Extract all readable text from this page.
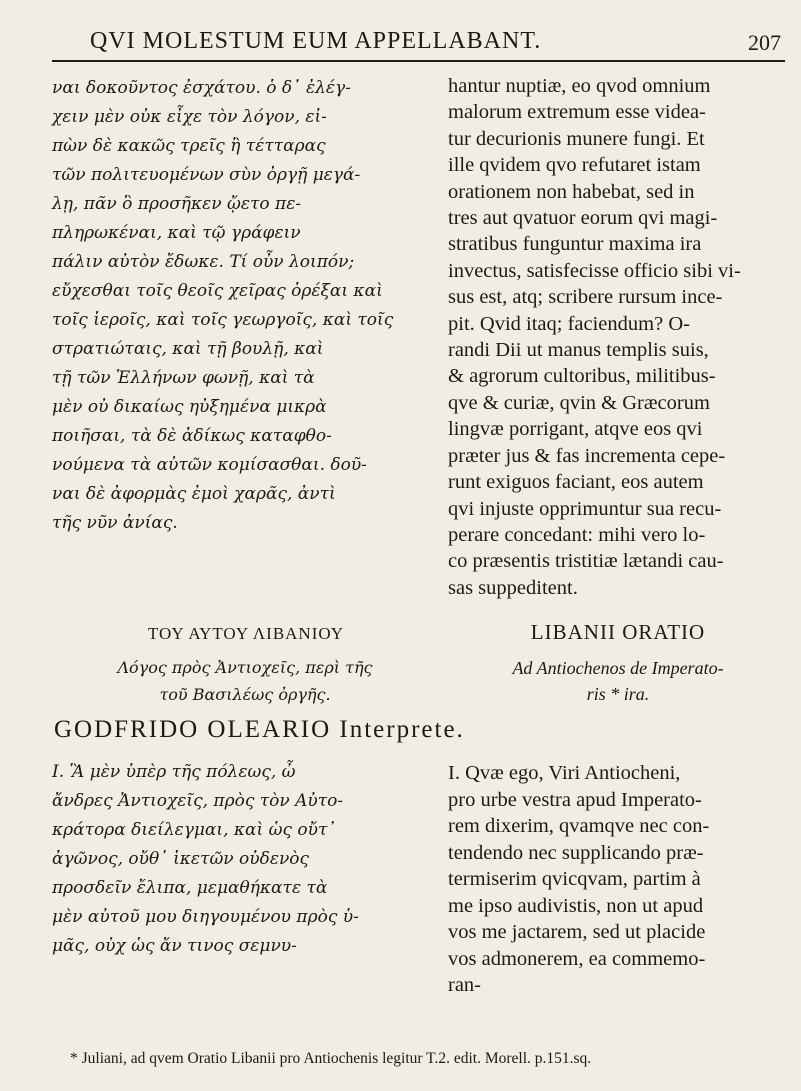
QVI MOLESTUM EUM APPELLABANT.	207
ναι δοκοῦντος ἐσχάτου. ὁ δ᾽ ἐλέγ-
χειν μὲν οὐκ εἶχε τὸν λόγον, εἰ-
πὼν δὲ κακῶς τρεῖς ἢ τέτταρας
τῶν πολιτευομένων σὺν ὀργῇ μεγά-
λῃ, πᾶν ὃ προσῆκεν ᾤετο πε-
πληρωκέναι, καὶ τῷ γράφειν
πάλιν αὐτὸν ἔδωκε. Τί οὖν λοιπόν;
εὔχεσθαι τοῖς θεοῖς χεῖρας ὀρέξαι καὶ
τοῖς ἱεροῖς, καὶ τοῖς γεωργοῖς, καὶ τοῖς
στρατιώταις, καὶ τῇ βουλῇ, καὶ
τῇ τῶν Ἑλλήνων φωνῇ, καὶ τὰ
μὲν οὐ δικαίως ηὐξημένα μικρὰ
ποιῆσαι, τὰ δὲ ἀδίκως καταφθο-
νούμενα τὰ αὐτῶν κομίσασθαι. δοῦ-
ναι δὲ ἀφορμὰς ἐμοὶ χαρᾶς, ἀντὶ
τῆς νῦν ἀνίας.
hantur nuptiæ, eo qvod omnium
malorum extremum esse videa-
tur decurionis munere fungi. Et
ille qvidem qvo refutaret istam
orationem non habebat, sed in
tres aut qvatuor eorum qvi magi-
stratibus funguntur maxima ira
invectus, satisfecisse officio sibi vi-
sus est, atq; scribere rursum ince-
pit. Qvid itaq; faciendum? O-
randi Dii ut manus templis suis,
& agrorum cultoribus, militibus-
qve & curiæ, qvin & Græcorum
lingvæ porrigant, atqve eos qvi
præter jus & fas incrementa cepe-
runt exiguos faciant, eos autem
qvi injuste opprimuntur sua recu-
perare concedant: mihi vero lo-
co præsentis tristitiæ lætandi cau-
sas suppeditent.
ΤΟΥ ΑΥΤΟΥ ΛΙΒΑΝΙΟΥ
Λόγος πρὸς Ἀντιοχεῖς, περὶ τῆς
τοῦ Βασιλέως ὀργῆς.
LIBANII ORATIO
Ad Antiochenos de Imperato-
ris * ira.
GODFRIDO OLEARIO Interprete.
I. Ἃ μὲν ὑπὲρ τῆς πόλεως, ὦ
ἄνδρες Ἀντιοχεῖς, πρὸς τὸν Αὐτο-
κράτορα διείλεγμαι, καὶ ὡς οὔτ᾽
ἀγῶνος, οὔθ᾽ ἱκετῶν οὐδενὸς
προσδεῖν ἔλιπα, μεμαθήκατε τὰ
μὲν αὐτοῦ μου διηγουμένου πρὸς ὑ-
μᾶς, οὐχ ὡς ἄν τινος σεμνυ-
I. Qvæ ego, Viri Antiocheni,
pro urbe vestra apud Imperato-
rem dixerim, qvamqve nec con-
tendendo nec supplicando præ-
termiserim qvicqvam, partim à
me ipso audivistis, non ut apud
vos me jactarem, sed ut placide
vos admonerem, ea commemo-
ran-
* Juliani, ad qvem Oratio Libanii pro Antiochenis legitur T.2. edit. Morell. p.151.sq.
